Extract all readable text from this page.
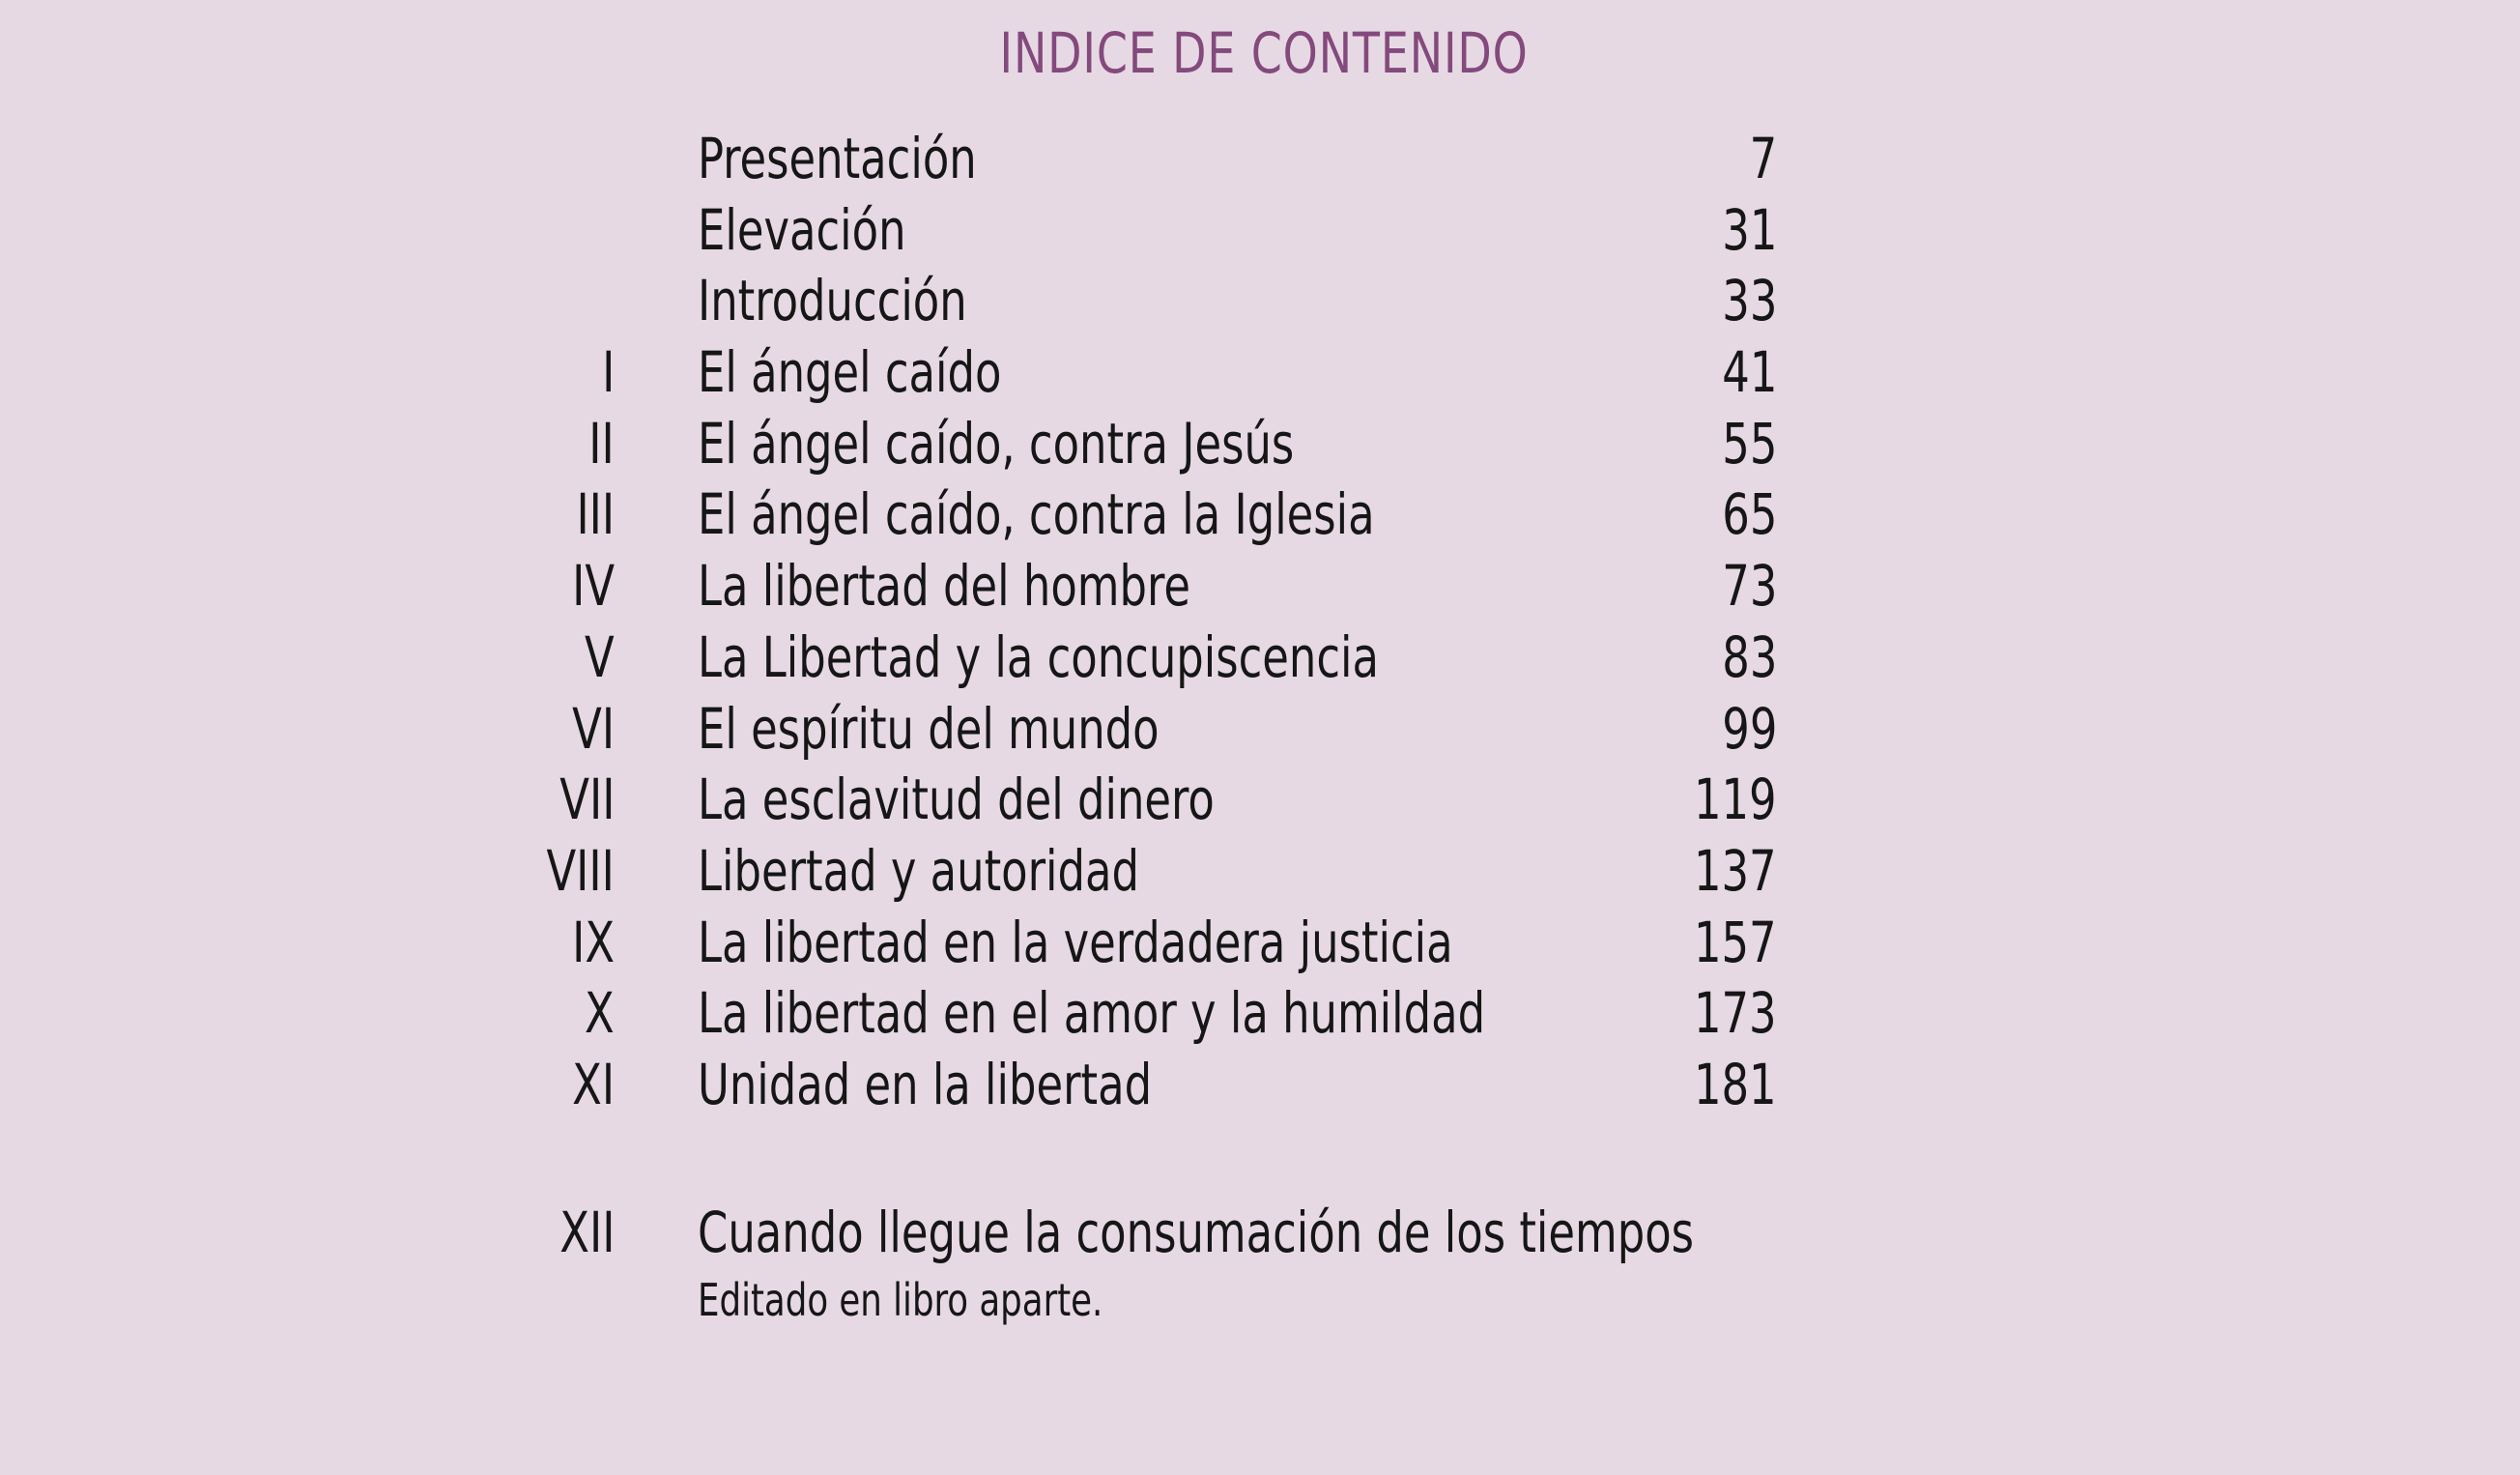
INDICE DE CONTENIDO
Presentación	7
Elevación	31
Introducción	33
I El ángel caído	41
II El ángel caído, contra Jesús	55
III El ángel caído, contra la Iglesia	65
IV La libertad del hombre	73
V La Libertad y la concupiscencia	83
VI El espíritu del mundo	99
VII La esclavitud del dinero	119
VIII Libertad y autoridad	137
IX La libertad en la verdadera justicia	157
X La libertad en el amor y la humildad	173
XI Unidad en la libertad	181
XII Cuando llegue la consumación de los tiempos
Editado en libro aparte.
